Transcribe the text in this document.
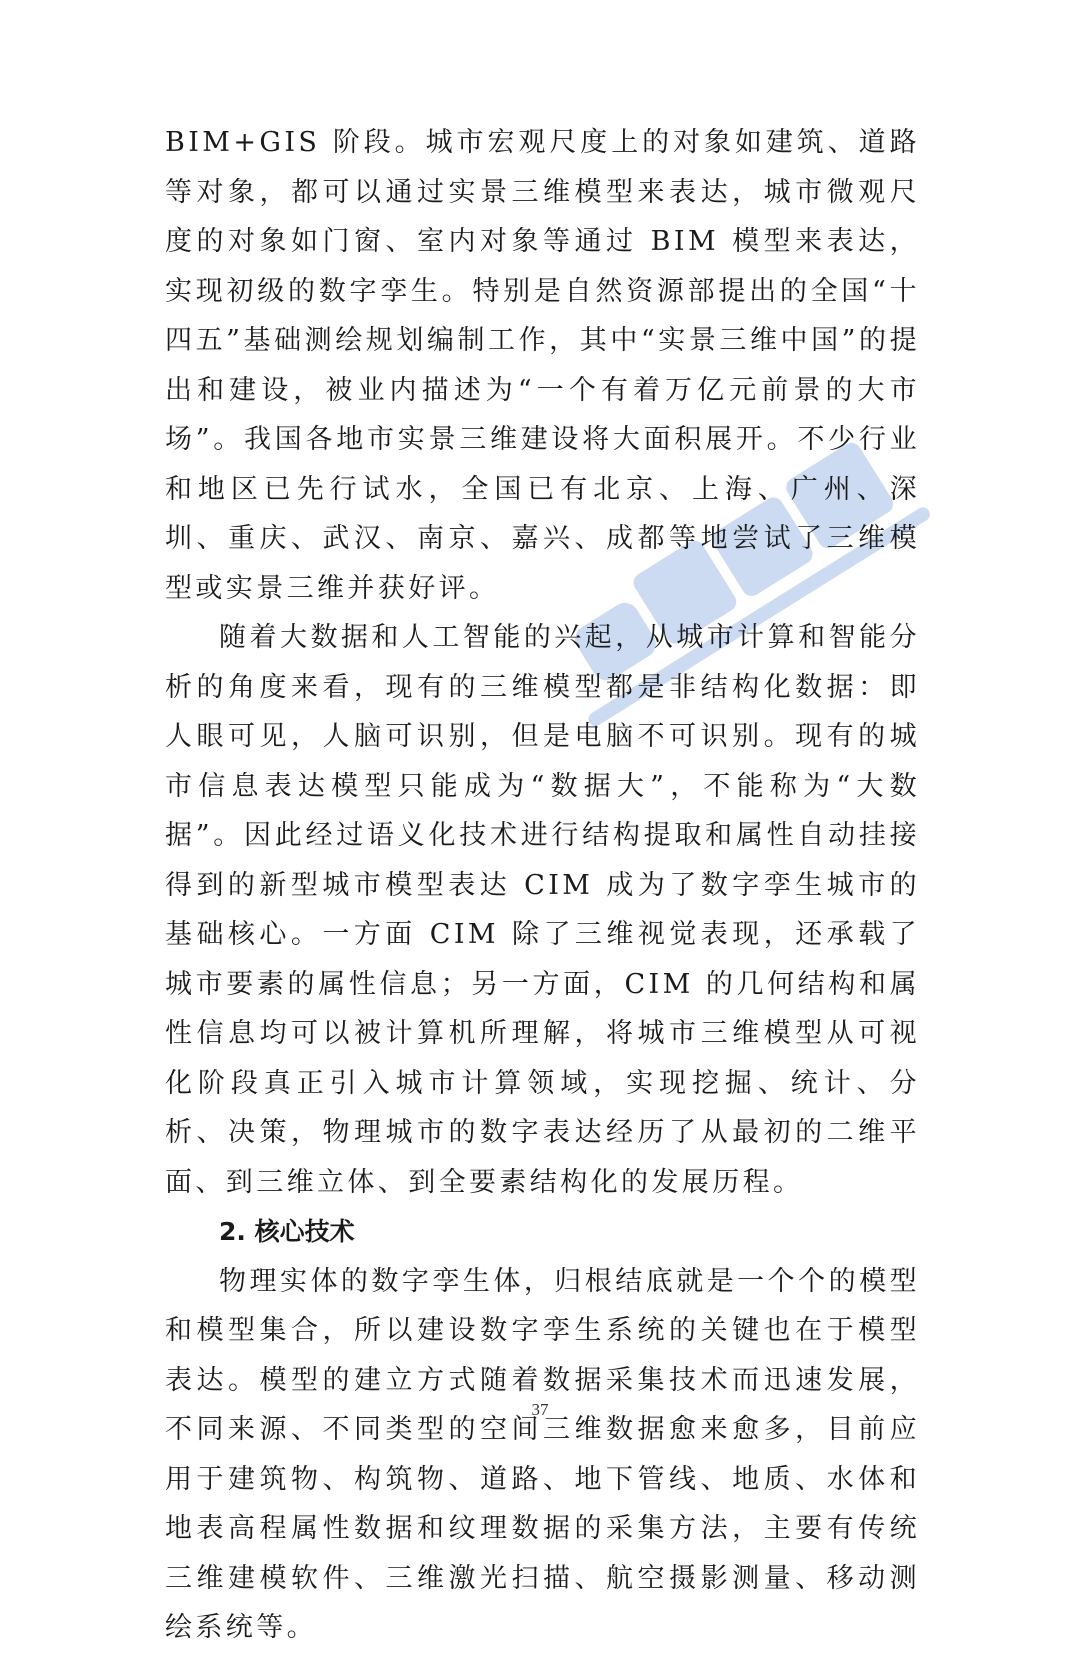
BIM+GIS 阶段。城市宏观尺度上的对象如建筑、道路等对象，都可以通过实景三维模型来表达，城市微观尺度的对象如门窗、室内对象等通过 BIM 模型来表达，实现初级的数字孪生。特别是自然资源部提出的全国“十四五”基础测绘规划编制工作，其中“实景三维中国”的提出和建设，被业内描述为“一个有着万亿元前景的大市场”。我国各地市实景三维建设将大面积展开。不少行业和地区已先行试水，全国已有北京、上海、广州、深圳、重庆、武汉、南京、嘉兴、成都等地尝试了三维模型或实景三维并获好评。

随着大数据和人工智能的兴起，从城市计算和智能分析的角度来看，现有的三维模型都是非结构化数据：即人眼可见，人脑可识别，但是电脑不可识别。现有的城市信息表达模型只能成为“数据大”，不能称为“大数据”。因此经过语义化技术进行结构提取和属性自动挂接得到的新型城市模型表达 CIM 成为了数字孪生城市的基础核心。一方面 CIM 除了三维视觉表现，还承载了城市要素的属性信息；另一方面，CIM 的几何结构和属性信息均可以被计算机所理解，将城市三维模型从可视化阶段真正引入城市计算领域，实现挖掘、统计、分析、决策，物理城市的数字表达经历了从最初的二维平面、到三维立体、到全要素结构化的发展历程。

2. 核心技术

物理实体的数字孪生体，归根结底就是一个个的模型和模型集合，所以建设数字孪生系统的关键也在于模型表达。模型的建立方式随着数据采集技术而迅速发展，不同来源、不同类型的空间三维数据愈来愈多，目前应用于建筑物、构筑物、道路、地下管线、地质、水体和地表高程属性数据和纹理数据的采集方法，主要有传统三维建模软件、三维激光扫描、航空摄影测量、移动测绘系统等。

37
